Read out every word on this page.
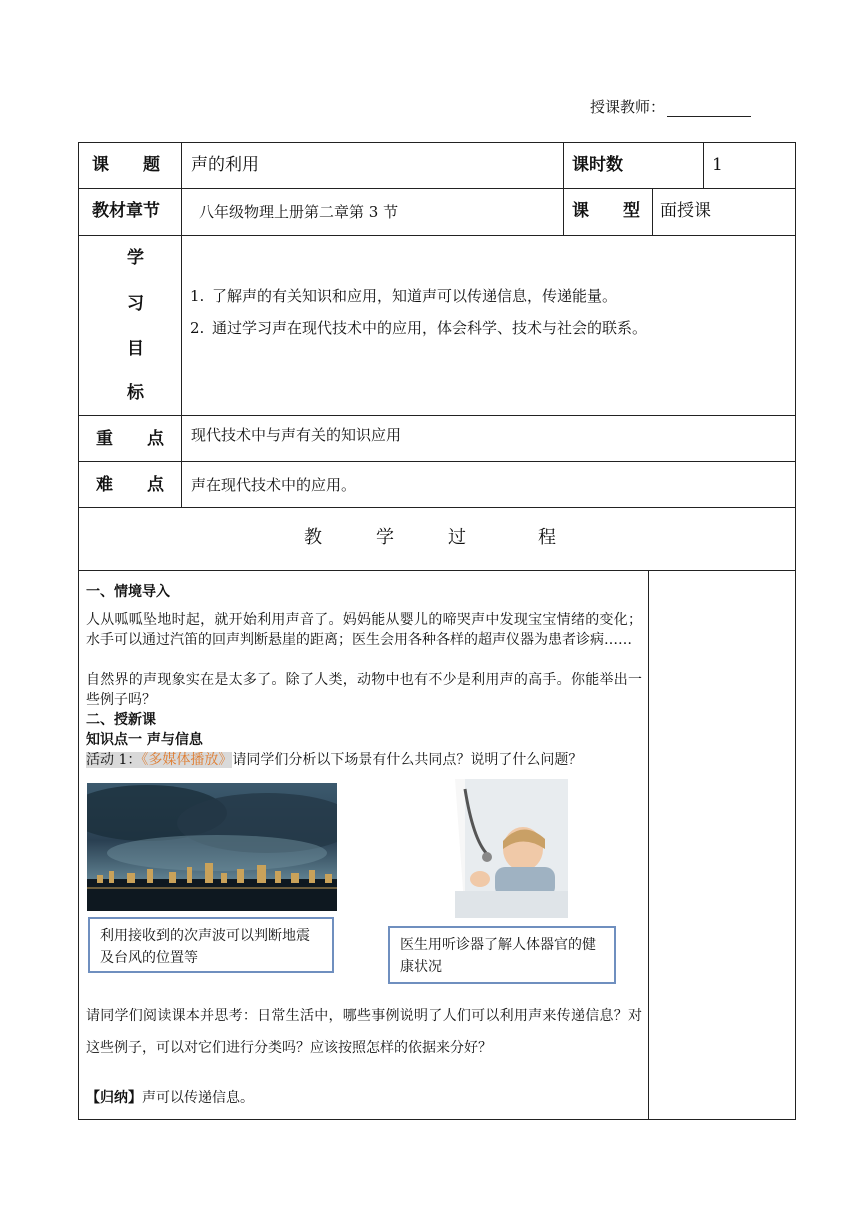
授课教师：
课　　题 声的利用	课时数	1
教材章节	八年级物理上册第二章第 3 节	课　　型 面授课
学
习
目
标
1. 了解声的有关知识和应用，知道声可以传递信息，传递能量。
2. 通过学习声在现代技术中的应用，体会科学、技术与社会的联系。
重　　点 现代技术中与声有关的知识应用
难　　点 声在现代技术中的应用。
教　　　学　　　过　　　　程
一、情境导入
人从呱呱坠地时起，就开始利用声音了。妈妈能从婴儿的啼哭声中发现宝宝情绪的变化；水手可以通过汽笛的回声判断悬崖的距离；医生会用各种各样的超声仪器为患者诊病……
自然界的声现象实在是太多了。除了人类，动物中也有不少是利用声的高手。你能举出一些例子吗？
二、授新课
知识点一 声与信息
活动 1：《多媒体播放》请同学们分析以下场景有什么共同点？说明了什么问题？
利用接收到的次声波可以判断地震及台风的位置等
医生用听诊器了解人体器官的健康状况
请同学们阅读课本并思考：日常生活中，哪些事例说明了人们可以利用声来传递信息？对这些例子，可以对它们进行分类吗？应该按照怎样的依据来分好？
【归纳】声可以传递信息。
